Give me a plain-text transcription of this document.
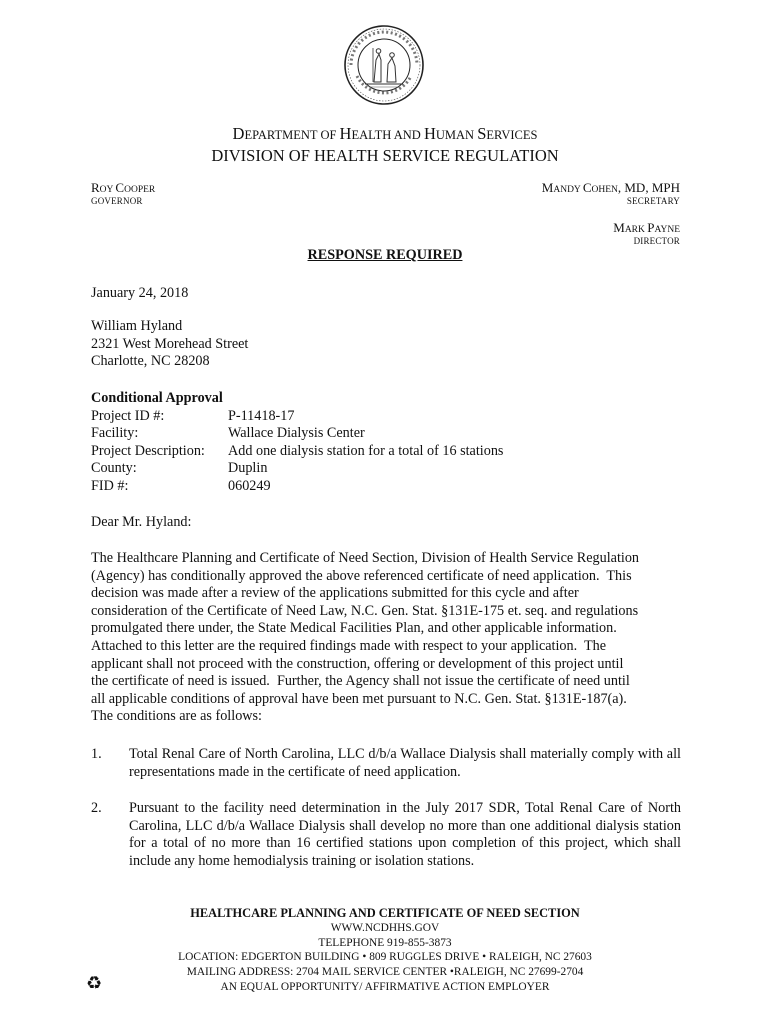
DEPARTMENT OF HEALTH AND HUMAN SERVICES
DIVISION OF HEALTH SERVICE REGULATION
ROY COOPER
GOVERNOR
MANDY COHEN, MD, MPH
SECRETARY
MARK PAYNE
DIRECTOR
RESPONSE REQUIRED
January 24, 2018
William Hyland
2321 West Morehead Street
Charlotte, NC 28208
Conditional Approval
Project ID #:	P-11418-17
Facility:	Wallace Dialysis Center
Project Description:	Add one dialysis station for a total of 16 stations
County:	Duplin
FID #:	060249
Dear Mr. Hyland:
The Healthcare Planning and Certificate of Need Section, Division of Health Service Regulation
(Agency) has conditionally approved the above referenced certificate of need application.  This
decision was made after a review of the applications submitted for this cycle and after
consideration of the Certificate of Need Law, N.C. Gen. Stat. §131E-175 et. seq. and regulations
promulgated there under, the State Medical Facilities Plan, and other applicable information.
Attached to this letter are the required findings made with respect to your application.  The
applicant shall not proceed with the construction, offering or development of this project until
the certificate of need is issued.  Further, the Agency shall not issue the certificate of need until
all applicable conditions of approval have been met pursuant to N.C. Gen. Stat. §131E-187(a).
The conditions are as follows:
1.	Total Renal Care of North Carolina, LLC d/b/a Wallace Dialysis shall materially comply with all representations made in the certificate of need application.
2.	Pursuant to the facility need determination in the July 2017 SDR, Total Renal Care of North Carolina, LLC d/b/a Wallace Dialysis shall develop no more than one additional dialysis station for a total of no more than 16 certified stations upon completion of this project, which shall include any home hemodialysis training or isolation stations.
HEALTHCARE PLANNING AND CERTIFICATE OF NEED SECTION
WWW.NCDHHS.GOV
TELEPHONE 919-855-3873
LOCATION: EDGERTON BUILDING • 809 RUGGLES DRIVE • RALEIGH, NC 27603
MAILING ADDRESS: 2704 MAIL SERVICE CENTER •RALEIGH, NC 27699-2704
AN EQUAL OPPORTUNITY/ AFFIRMATIVE ACTION EMPLOYER
♻
